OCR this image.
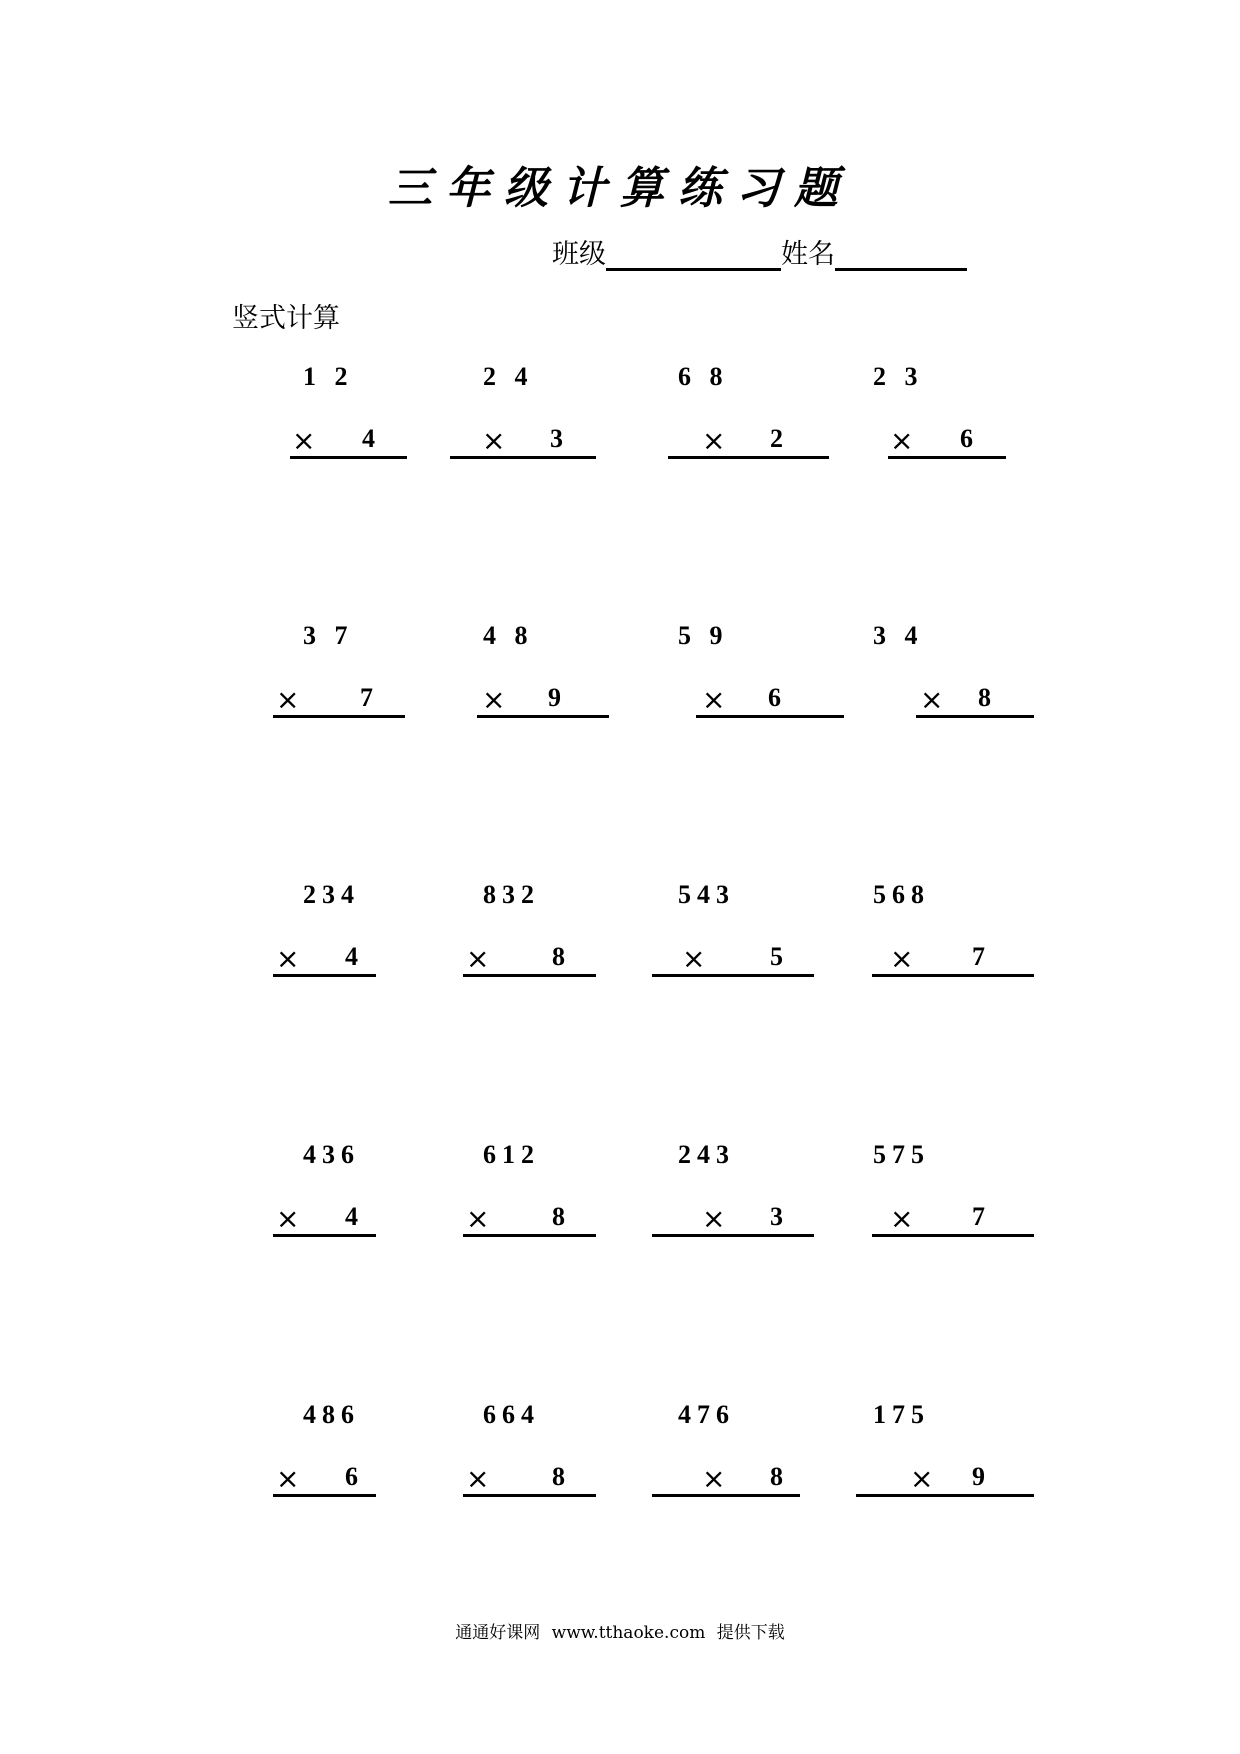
三年级计算练习题
班级	姓名
竖式计算
1 2
× 4
2 4
× 3
6 8
× 2
2 3
× 6
3 7
× 7
4 8
× 9
5 9
× 6
3 4
× 8
234
× 4
832
× 8
543
× 5
568
× 7
436
× 4
612
× 8
243
× 3
575
× 7
486
× 6
664
× 8
476
× 8
175
× 9
通通好课网 www.tthaoke.com 提供下载
